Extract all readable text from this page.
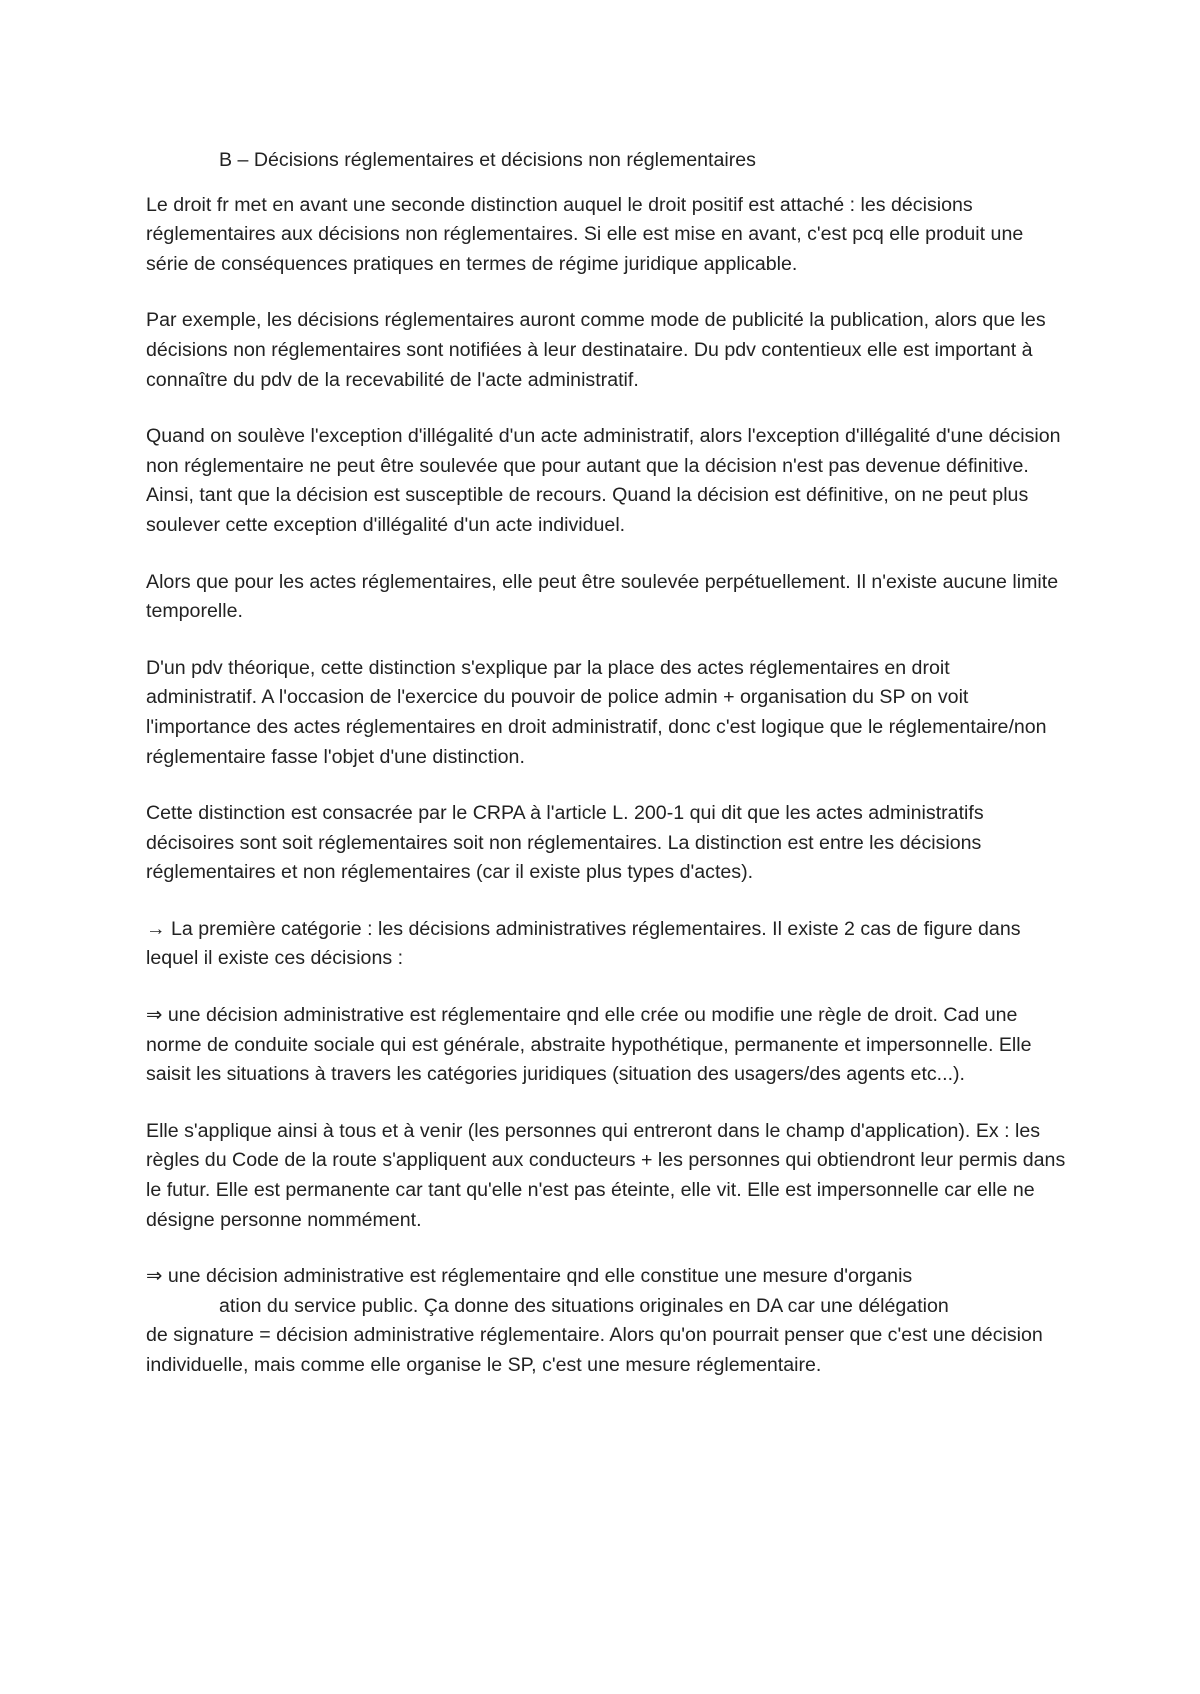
B – Décisions réglementaires et décisions non réglementaires
Le droit fr met en avant une seconde distinction auquel le droit positif est attaché : les décisions réglementaires aux décisions non réglementaires. Si elle est mise en avant, c'est pcq elle produit une série de conséquences pratiques en termes de régime juridique applicable.
Par exemple, les décisions réglementaires auront comme mode de publicité la publication, alors que les décisions non réglementaires sont notifiées à leur destinataire. Du pdv contentieux elle est important à connaître du pdv de la recevabilité de l'acte administratif.
Quand on soulève l'exception d'illégalité d'un acte administratif, alors l'exception d'illégalité d'une décision non réglementaire ne peut être soulevée que pour autant que la décision n'est pas devenue définitive. Ainsi, tant que la décision est susceptible de recours. Quand la décision est définitive, on ne peut plus soulever cette exception d'illégalité d'un acte individuel.
Alors que pour les actes réglementaires, elle peut être soulevée perpétuellement. Il n'existe aucune limite temporelle.
D'un pdv théorique, cette distinction s'explique par la place des actes réglementaires en droit administratif. A l'occasion de l'exercice du pouvoir de police admin + organisation du SP on voit l'importance des actes réglementaires en droit administratif, donc c'est logique que le réglementaire/non réglementaire fasse l'objet d'une distinction.
Cette distinction est consacrée par le CRPA à l'article L. 200-1 qui dit que les actes administratifs décisoires sont soit réglementaires soit non réglementaires. La distinction est entre les décisions réglementaires et non réglementaires (car il existe plus types d'actes).
→ La première catégorie : les décisions administratives réglementaires. Il existe 2 cas de figure dans lequel il existe ces décisions :
⇒ une décision administrative est réglementaire qnd elle crée ou modifie une règle de droit. Cad une norme de conduite sociale qui est générale, abstraite hypothétique, permanente et impersonnelle. Elle saisit les situations à travers les catégories juridiques (situation des usagers/des agents etc...).
Elle s'applique ainsi à tous et à venir (les personnes qui entreront dans le champ d'application). Ex : les règles du Code de la route s'appliquent aux conducteurs + les personnes qui obtiendront leur permis dans le futur. Elle est permanente car tant qu'elle n'est pas éteinte, elle vit. Elle est impersonnelle car elle ne désigne personne nommément.
⇒ une décision administrative est réglementaire qnd elle constitue une mesure d'organis
ation du service public. Ça donne des situations originales en DA car une délégation
de signature = décision administrative réglementaire. Alors qu'on pourrait penser que c'est une décision individuelle, mais comme elle organise le SP, c'est une mesure réglementaire.
